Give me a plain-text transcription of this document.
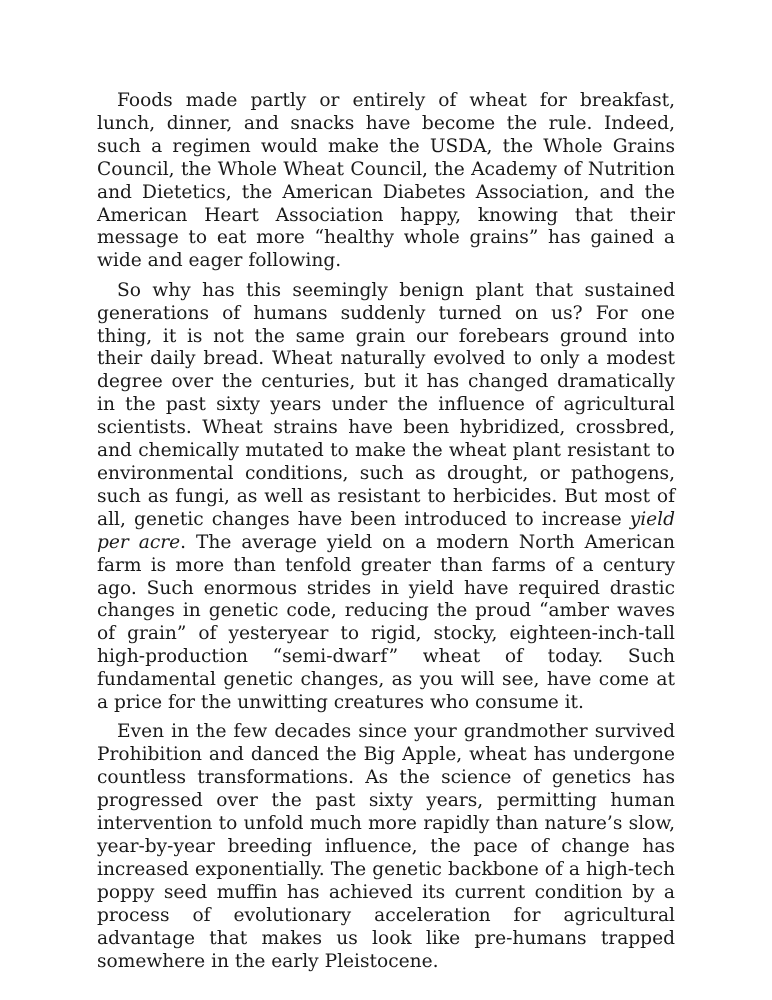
Foods made partly or entirely of wheat for breakfast, lunch, dinner, and snacks have become the rule. Indeed, such a regimen would make the USDA, the Whole Grains Council, the Whole Wheat Council, the Academy of Nutrition and Dietetics, the American Diabetes Association, and the American Heart Association happy, knowing that their message to eat more “healthy whole grains” has gained a wide and eager following.

So why has this seemingly benign plant that sustained generations of humans suddenly turned on us? For one thing, it is not the same grain our forebears ground into their daily bread. Wheat naturally evolved to only a modest degree over the centuries, but it has changed dramatically in the past sixty years under the influence of agricultural scientists. Wheat strains have been hybridized, crossbred, and chemically mutated to make the wheat plant resistant to environmental conditions, such as drought, or pathogens, such as fungi, as well as resistant to herbicides. But most of all, genetic changes have been introduced to increase yield per acre. The average yield on a modern North American farm is more than tenfold greater than farms of a century ago. Such enormous strides in yield have required drastic changes in genetic code, reducing the proud “amber waves of grain” of yesteryear to rigid, stocky, eighteen-inch-tall high-production “semi-dwarf” wheat of today. Such fundamental genetic changes, as you will see, have come at a price for the unwitting creatures who consume it.

Even in the few decades since your grandmother survived Prohibition and danced the Big Apple, wheat has undergone countless transformations. As the science of genetics has progressed over the past sixty years, permitting human intervention to unfold much more rapidly than nature’s slow, year-by-year breeding influence, the pace of change has increased exponentially. The genetic backbone of a high-tech poppy seed muffin has achieved its current condition by a process of evolutionary acceleration for agricultural advantage that makes us look like pre-humans trapped somewhere in the early Pleistocene.
